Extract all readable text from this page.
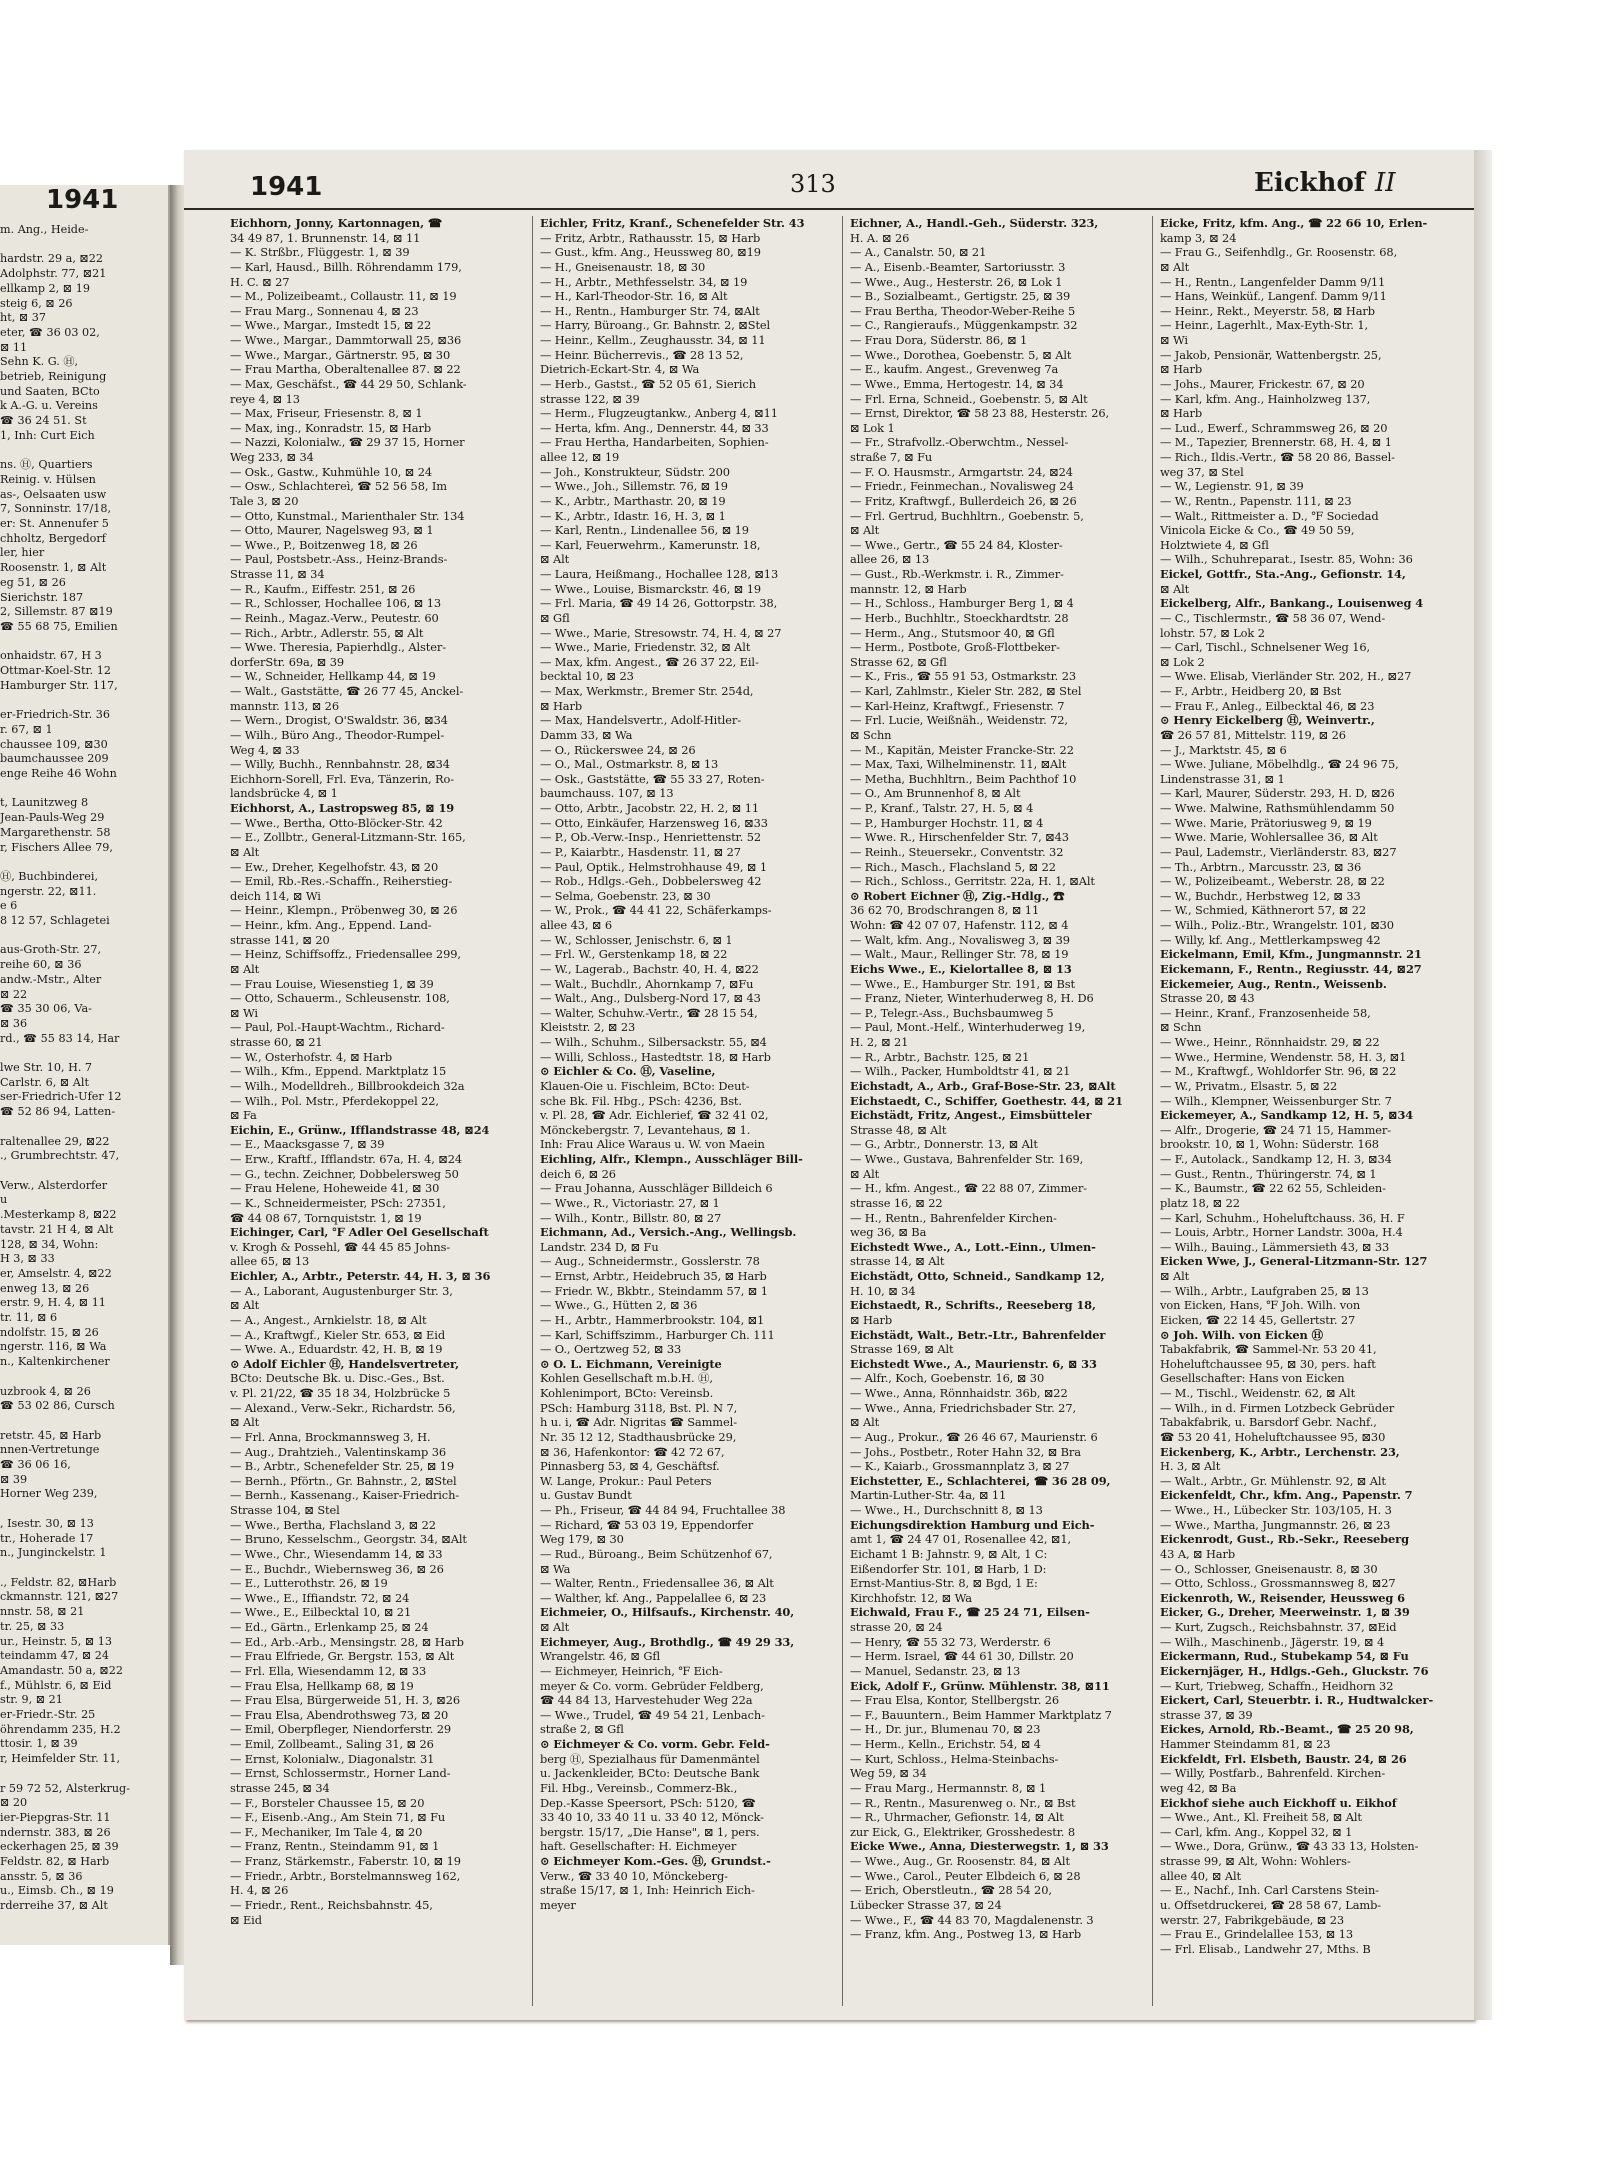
1941
m. Ang., Heide-

hardstr. 29 a, ⊠22
Adolphstr. 77, ⊠21
ellkamp 2, ⊠ 19
steig 6, ⊠ 26
ht, ⊠ 37
eter, ☎ 36 03 02,
⊠ 11
Sehn K. G. Ⓗ,
betrieb, Reinigung
und Saaten, BCto
k A.-G. u. Vereins
☎ 36 24 51. St
1, Inh: Curt Eich

ns. Ⓗ, Quartiers
Reinig. v. Hülsen
as-, Oelsaaten usw
7, Sonninstr. 17/18,
er: St. Annenufer 5
chholtz, Bergedorf
ler, hier
Roosenstr. 1, ⊠ Alt
eg 51, ⊠ 26
Sierichstr. 187
2, Sillemstr. 87 ⊠19
☎ 55 68 75, Emilien

onhaidstr. 67, H 3
Ottmar-Koel-Str. 12
Hamburger Str. 117,

er-Friedrich-Str. 36
r. 67, ⊠ 1
chaussee 109, ⊠30
baumchaussee 209
enge Reihe 46 Wohn

t, Launitzweg 8
Jean-Pauls-Weg 29
Margarethenstr. 58
r, Fischers Allee 79,

Ⓗ, Buchbinderei,
ngerstr. 22, ⊠11.
e 6
8 12 57, Schlagetei

aus-Groth-Str. 27,
reihe 60, ⊠ 36
andw.-Mstr., Alter
⊠ 22
☎ 35 30 06, Va-
⊠ 36
rd., ☎ 55 83 14, Har

lwe Str. 10, H. 7
Carlstr. 6, ⊠ Alt
ser-Friedrich-Ufer 12
☎ 52 86 94, Latten-

raltenallee 29, ⊠22
., Grumbrechtstr. 47,

Verw., Alsterdorfer
u
.Mesterkamp 8, ⊠22
tavstr. 21 H 4, ⊠ Alt
128, ⊠ 34, Wohn:
H 3, ⊠ 33
er, Amselstr. 4, ⊠22
enweg 13, ⊠ 26
erstr. 9, H. 4, ⊠ 11
tr. 11, ⊠ 6
ndolfstr. 15, ⊠ 26
ngerstr. 116, ⊠ Wa
n., Kaltenkirchener

uzbrook 4, ⊠ 26
☎ 53 02 86, Cursch

retstr. 45, ⊠ Harb
nnen-Vertretunge
☎ 36 06 16,
⊠ 39
Horner Weg 239,

, Isestr. 30, ⊠ 13
tr., Hoherade 17
n., Junginckelstr. 1

., Feldstr. 82, ⊠Harb
ckmannstr. 121, ⊠27
nnstr. 58, ⊠ 21
tr. 25, ⊠ 33
ur., Heinstr. 5, ⊠ 13
teindamm 47, ⊠ 24
Amandastr. 50 a, ⊠22
f., Mühlstr. 6, ⊠ Eid
str. 9, ⊠ 21
er-Friedr.-Str. 25
öhrendamm 235, H.2
ttosir. 1, ⊠ 39
r, Heimfelder Str. 11,

r 59 72 52, Alsterkrug-
⊠ 20
ier-Piepgras-Str. 11
ndernstr. 383, ⊠ 26
eckerhagen 25, ⊠ 39
Feldstr. 82, ⊠ Harb
ansstr. 5, ⊠ 36
u., Eimsb. Ch., ⊠ 19
rderreihe 37, ⊠ Alt
1941	313	Eickhof II
Eichhorn, Jonny, Kartonnagen, ☎
34 49 87, 1. Brunnenstr. 14, ⊠ 11
— K. Strßbr., Flüggestr. 1, ⊠ 39
— Karl, Hausd., Billh. Röhrendamm 179,
H. C. ⊠ 27
— M., Polizeibeamt., Collaustr. 11, ⊠ 19
— Frau Marg., Sonnenau 4, ⊠ 23
— Wwe., Margar., Imstedt 15, ⊠ 22
— Wwe., Margar., Dammtorwall 25, ⊠36
— Wwe., Margar., Gärtnerstr. 95, ⊠ 30
— Frau Martha, Oberaltenallee 87. ⊠ 22
— Max, Geschäfst., ☎ 44 29 50, Schlank-
reye 4, ⊠ 13
— Max, Friseur, Friesenstr. 8, ⊠ 1
— Max, ing., Konradstr. 15, ⊠ Harb
— Nazzi, Kolonialw., ☎ 29 37 15, Horner
Weg 233, ⊠ 34
— Osk., Gastw., Kuhmühle 10, ⊠ 24
— Osw., Schlachtereì, ☎ 52 56 58, Im
Tale 3, ⊠ 20
— Otto, Kunstmal., Marienthaler Str. 134
— Otto, Maurer, Nagelsweg 93, ⊠ 1
— Wwe., P., Boitzenweg 18, ⊠ 26
— Paul, Postsbetr.-Ass., Heinz-Brands-
Strasse 11, ⊠ 34
— R., Kaufm., Eiffestr. 251, ⊠ 26
— R., Schlosser, Hochallee 106, ⊠ 13
— Reinh., Magaz.-Verw., Peutestr. 60
— Rich., Arbtr., Adlerstr. 55, ⊠ Alt
— Wwe. Theresia, Papierhdlg., Alster-
dorferStr. 69a, ⊠ 39
— W., Schneider, Hellkamp 44, ⊠ 19
— Walt., Gaststätte, ☎ 26 77 45, Anckel-
mannstr. 113, ⊠ 26
— Wern., Drogist, O'Swaldstr. 36, ⊠34
— Wilh., Büro Ang., Theodor-Rumpel-
Weg 4, ⊠ 33
— Willy, Buchh., Rennbahnstr. 28, ⊠34
Eichhorn-Sorell, Frl. Eva, Tänzerin, Ro-
landsbrücke 4, ⊠ 1
Eichhorst, A., Lastropsweg 85, ⊠ 19
— Wwe., Bertha, Otto-Blöcker-Str. 42
— E., Zollbtr., General-Litzmann-Str. 165,
⊠ Alt
— Ew., Dreher, Kegelhofstr. 43, ⊠ 20
— Emil, Rb.-Res.-Schaffn., Reiherstieg-
deich 114, ⊠ Wi
— Heinr., Klempn., Pröbenweg 30, ⊠ 26
— Heinr., kfm. Ang., Eppend. Land-
strasse 141, ⊠ 20
— Heinz, Schiffsoffz., Friedensallee 299,
⊠ Alt
— Frau Louise, Wiesenstieg 1, ⊠ 39
— Otto, Schauerm., Schleusenstr. 108,
⊠ Wi
— Paul, Pol.-Haupt-Wachtm., Richard-
strasse 60, ⊠ 21
— W., Osterhofstr. 4, ⊠ Harb
— Wilh., Kfm., Eppend. Marktplatz 15
— Wilh., Modelldreh., Billbrookdeich 32a
— Wilh., Pol. Mstr., Pferdekoppel 22,
⊠ Fa
Eichin, E., Grünw., Ifflandstrasse 48, ⊠24
— E., Maacksgasse 7, ⊠ 39
— Erw., Kraftf., Ifflandstr. 67a, H. 4, ⊠24
— G., techn. Zeichner, Dobbelersweg 50
— Frau Helene, Hoheweide 41, ⊠ 30
— K., Schneidermeister, PSch: 27351,
☎ 44 08 67, Tornquiststr. 1, ⊠ 19
Eichinger, Carl, ℉ Adler Oel Gesellschaft
v. Krogh & Possehl, ☎ 44 45 85 Johns-
allee 65, ⊠ 13
Eichler, A., Arbtr., Peterstr. 44, H. 3, ⊠ 36
— A., Laborant, Augustenburger Str. 3,
⊠ Alt
— A., Angest., Arnkielstr. 18, ⊠ Alt
— A., Kraftwgf., Kieler Str. 653, ⊠ Eid
— Wwe. A., Eduardstr. 42, H. B, ⊠ 19
⊙ Adolf Eichler Ⓗ, Handelsvertreter,
BCto: Deutsche Bk. u. Disc.-Ges., Bst.
v. Pl. 21/22, ☎ 35 18 34, Holzbrücke 5
— Alexand., Verw.-Sekr., Richardstr. 56,
⊠ Alt
— Frl. Anna, Brockmannsweg 3, H.
— Aug., Drahtzieh., Valentinskamp 36
— B., Arbtr., Schenefelder Str. 25, ⊠ 19
— Bernh., Pförtn., Gr. Bahnstr., 2, ⊠Stel
— Bernh., Kassenang., Kaiser-Friedrich-
Strasse 104, ⊠ Stel
— Wwe., Bertha, Flachsland 3, ⊠ 22
— Bruno, Kesselschm., Georgstr. 34, ⊠Alt
— Wwe., Chr., Wiesendamm 14, ⊠ 33
— E., Buchdr., Wiebernsweg 36, ⊠ 26
— E., Lutterothstr. 26, ⊠ 19
— Wwe., E., Iffiandstr. 72, ⊠ 24
— Wwe., E., Eilbecktal 10, ⊠ 21
— Ed., Gärtn., Erlenkamp 25, ⊠ 24
— Ed., Arb.-Arb., Mensingstr. 28, ⊠ Harb
— Frau Elfriede, Gr. Bergstr. 153, ⊠ Alt
— Frl. Ella, Wiesendamm 12, ⊠ 33
— Frau Elsa, Hellkamp 68, ⊠ 19
— Frau Elsa, Bürgerweide 51, H. 3, ⊠26
— Frau Elsa, Abendrothsweg 73, ⊠ 20
— Emil, Oberpfleger, Niendorferstr. 29
— Emil, Zollbeamt., Saling 31, ⊠ 26
— Ernst, Kolonialw., Diagonalstr. 31
— Ernst, Schlossermstr., Horner Land-
strasse 245, ⊠ 34
— F., Borsteler Chaussee 15, ⊠ 20
— F., Eisenb.-Ang., Am Stein 71, ⊠ Fu
— F., Mechaniker, Im Tale 4, ⊠ 20
— Franz, Rentn., Steindamm 91, ⊠ 1
— Franz, Stärkemstr., Faberstr. 10, ⊠ 19
— Friedr., Arbtr., Borstelmannsweg 162,
H. 4, ⊠ 26
— Friedr., Rent., Reichsbahnstr. 45,
⊠ Eid
Eichler, Fritz, Kranf., Schenefelder Str. 43
— Fritz, Arbtr., Rathausstr. 15, ⊠ Harb
— Gust., kfm. Ang., Heussweg 80, ⊠19
— H., Gneisenaustr. 18, ⊠ 30
— H., Arbtr., Methfesselstr. 34, ⊠ 19
— H., Karl-Theodor-Str. 16, ⊠ Alt
— H., Rentn., Hamburger Str. 74, ⊠Alt
— Harry, Büroang., Gr. Bahnstr. 2, ⊠Stel
— Heinr., Kellm., Zeughausstr. 34, ⊠ 11
— Heinr. Bücherrevis., ☎ 28 13 52,
Dietrich-Eckart-Str. 4, ⊠ Wa
— Herb., Gastst., ☎ 52 05 61, Sierich
strasse 122, ⊠ 39
— Herm., Flugzeugtankw., Anberg 4, ⊠11
— Herta, kfm. Ang., Dennerstr. 44, ⊠ 33
— Frau Hertha, Handarbeiten, Sophien-
allee 12, ⊠ 19
— Joh., Konstrukteur, Südstr. 200
— Wwe., Joh., Sillemstr. 76, ⊠ 19
— K., Arbtr., Marthastr. 20, ⊠ 19
— K., Arbtr., Idastr. 16, H. 3, ⊠ 1
— Karl, Rentn., Lindenallee 56, ⊠ 19
— Karl, Feuerwehrm., Kamerunstr. 18,
⊠ Alt
— Laura, Heißmang., Hochallee 128, ⊠13
— Wwe., Louise, Bismarckstr. 46, ⊠ 19
— Frl. Maria, ☎ 49 14 26, Gottorpstr. 38,
⊠ Gfl
— Wwe., Marie, Stresowstr. 74, H. 4, ⊠ 27
— Wwe., Marie, Friedenstr. 32, ⊠ Alt
— Max, kfm. Angest., ☎ 26 37 22, Eil-
becktal 10, ⊠ 23
— Max, Werkmstr., Bremer Str. 254d,
⊠ Harb
— Max, Handelsvertr., Adolf-Hitler-
Damm 33, ⊠ Wa
— O., Rückerswee 24, ⊠ 26
— O., Mal., Ostmarkstr. 8, ⊠ 13
— Osk., Gaststätte, ☎ 55 33 27, Roten-
baumchauss. 107, ⊠ 13
— Otto, Arbtr., Jacobstr. 22, H. 2, ⊠ 11
— Otto, Einkäufer, Harzensweg 16, ⊠33
— P., Ob.-Verw.-Insp., Henriettenstr. 52
— P., Kaiarbtr., Hasdenstr. 11, ⊠ 27
— Paul, Optik., Helmstrohhause 49, ⊠ 1
— Rob., Hdlgs.-Geh., Dobbelersweg 42
— Selma, Goebenstr. 23, ⊠ 30
— W., Prok., ☎ 44 41 22, Schäferkamps-
allee 43, ⊠ 6
— W., Schlosser, Jenischstr. 6, ⊠ 1
— Frl. W., Gerstenkamp 18, ⊠ 22
— W., Lagerab., Bachstr. 40, H. 4, ⊠22
— Walt., Buchdlr., Ahornkamp 7, ⊠Fu
— Walt., Ang., Dulsberg-Nord 17, ⊠ 43
— Walter, Schuhw.-Vertr., ☎ 28 15 54,
Kleiststr. 2, ⊠ 23
— Wilh., Schuhm., Silbersackstr. 55, ⊠4
— Willi, Schloss., Hastedtstr. 18, ⊠ Harb
⊙ Eichler & Co. Ⓗ, Vaseline,
Klauen-Oie u. Fischleim, BCto: Deut-
sche Bk. Fil. Hbg., PSch: 4236, Bst.
v. Pl. 28, ☎ Adr. Eichlerief, ☎ 32 41 02,
Mönckebergstr. 7, Levantehaus, ⊠ 1.
Inh: Frau Alice Waraus u. W. von Maein
Eichling, Alfr., Klempn., Ausschläger Bill-
deich 6, ⊠ 26
— Frau Johanna, Ausschläger Billdeich 6
— Wwe., R., Victoriastr. 27, ⊠ 1
— Wilh., Kontr., Billstr. 80, ⊠ 27
Eichmann, Ad., Versich.-Ang., Wellingsb.
Landstr. 234 D, ⊠ Fu
— Aug., Schneidermstr., Gosslerstr. 78
— Ernst, Arbtr., Heidebruch 35, ⊠ Harb
— Friedr. W., Bkbtr., Steindamm 57, ⊠ 1
— Wwe., G., Hütten 2, ⊠ 36
— H., Arbtr., Hammerbrookstr. 104, ⊠1
— Karl, Schiffszimm., Harburger Ch. 111
— O., Oertzweg 52, ⊠ 33
⊙ O. L. Eichmann, Vereinigte
Kohlen Gesellschaft m.b.H. Ⓗ,
Kohlenimport, BCto: Vereinsb.
PSch: Hamburg 3118, Bst. Pl. N 7,
h u. i, ☎ Adr. Nigritas ☎ Sammel-
Nr. 35 12 12, Stadthausbrücke 29,
⊠ 36, Hafenkontor: ☎ 42 72 67,
Pinnasberg 53, ⊠ 4, Geschäftsf.
W. Lange, Prokur.: Paul Peters
u. Gustav Bundt
— Ph., Friseur, ☎ 44 84 94, Fruchtallee 38
— Richard, ☎ 53 03 19, Eppendorfer
Weg 179, ⊠ 30
— Rud., Büroang., Beim Schützenhof 67,
⊠ Wa
— Walter, Rentn., Friedensallee 36, ⊠ Alt
— Walther, kf. Ang., Pappelallee 6, ⊠ 23
Eichmeier, O., Hilfsaufs., Kirchenstr. 40,
⊠ Alt
Eichmeyer, Aug., Brothdlg., ☎ 49 29 33,
Wrangelstr. 46, ⊠ Gfl
— Eichmeyer, Heinrich, ℉ Eich-
meyer & Co. vorm. Gebrüder Feldberg,
☎ 44 84 13, Harvestehuder Weg 22a
— Wwe., Trudel, ☎ 49 54 21, Lenbach-
straße 2, ⊠ Gfl
⊙ Eichmeyer & Co. vorm. Gebr. Feld-
berg Ⓗ, Spezialhaus für Damenmäntel
u. Jackenkleider, BCto: Deutsche Bank
Fil. Hbg., Vereinsb., Commerz-Bk.,
Dep.-Kasse Speersort, PSch: 5120, ☎
33 40 10, 33 40 11 u. 33 40 12, Mönck-
bergstr. 15/17, „Die Hanse", ⊠ 1, pers.
haft. Gesellschafter: H. Eichmeyer
⊙ Eichmeyer Kom.-Ges. Ⓗ, Grundst.-
Verw., ☎ 33 40 10, Mönckeberg-
straße 15/17, ⊠ 1, Inh: Heinrich Eich-
meyer
Eichner, A., Handl.-Geh., Süderstr. 323,
H. A. ⊠ 26
— A., Canalstr. 50, ⊠ 21
— A., Eisenb.-Beamter, Sartoriusstr. 3
— Wwe., Aug., Hesterstr. 26, ⊠ Lok 1
— B., Sozialbeamt., Gertigstr. 25, ⊠ 39
— Frau Bertha, Theodor-Weber-Reihe 5
— C., Rangieraufs., Müggenkampstr. 32
— Frau Dora, Süderstr. 86, ⊠ 1
— Wwe., Dorothea, Goebenstr. 5, ⊠ Alt
— E., kaufm. Angest., Grevenweg 7a
— Wwe., Emma, Hertogestr. 14, ⊠ 34
— Frl. Erna, Schneid., Goebenstr. 5, ⊠ Alt
— Ernst, Direktor, ☎ 58 23 88, Hesterstr. 26,
⊠ Lok 1
— Fr., Strafvollz.-Oberwchtm., Nessel-
straße 7, ⊠ Fu
— F. O. Hausmstr., Armgartstr. 24, ⊠24
— Friedr., Feinmechan., Novalisweg 24
— Fritz, Kraftwgf., Bullerdeich 26, ⊠ 26
— Frl. Gertrud, Buchhltrn., Goebenstr. 5,
⊠ Alt
— Wwe., Gertr., ☎ 55 24 84, Kloster-
allee 26, ⊠ 13
— Gust., Rb.-Werkmstr. i. R., Zimmer-
mannstr. 12, ⊠ Harb
— H., Schloss., Hamburger Berg 1, ⊠ 4
— Herb., Buchhltr., Stoeckhardtstr. 28
— Herm., Ang., Stutsmoor 40, ⊠ Gfl
— Herm., Postbote, Groß-Flottbeker-
Strasse 62, ⊠ Gfl
— K., Fris., ☎ 55 91 53, Ostmarkstr. 23
— Karl, Zahlmstr., Kieler Str. 282, ⊠ Stel
— Karl-Heinz, Kraftwgf., Friesenstr. 7
— Frl. Lucie, Weißnäh., Weidenstr. 72,
⊠ Schn
— M., Kapitän, Meister Francke-Str. 22
— Max, Taxi, Wilhelminenstr. 11, ⊠Alt
— Metha, Buchhltrn., Beim Pachthof 10
— O., Am Brunnenhof 8, ⊠ Alt
— P., Kranf., Talstr. 27, H. 5, ⊠ 4
— P., Hamburger Hochstr. 11, ⊠ 4
— Wwe. R., Hirschenfelder Str. 7, ⊠43
— Reinh., Steuersekr., Conventstr. 32
— Rich., Masch., Flachsland 5, ⊠ 22
— Rich., Schloss., Gerritstr. 22a, H. 1, ⊠Alt
⊙ Robert Eichner Ⓗ, Zig.-Hdlg., ☎
36 62 70, Brodschrangen 8, ⊠ 11
Wohn: ☎ 42 07 07, Hafenstr. 112, ⊠ 4
— Walt, kfm. Ang., Novalisweg 3, ⊠ 39
— Walt., Maur., Rellinger Str. 78, ⊠ 19
Eichs Wwe., E., Kielortallee 8, ⊠ 13
— Wwe., E., Hamburger Str. 191, ⊠ Bst
— Franz, Nieter, Winterhuderweg 8, H. D6
— P., Telegr.-Ass., Buchsbaumweg 5
— Paul, Mont.-Helf., Winterhuderweg 19,
H. 2, ⊠ 21
— R., Arbtr., Bachstr. 125, ⊠ 21
— Wilh., Packer, Humboldtstr 41, ⊠ 21
Eichstadt, A., Arb., Graf-Bose-Str. 23, ⊠Alt
Eichstaedt, C., Schiffer, Goethestr. 44, ⊠ 21
Eichstädt, Fritz, Angest., Eimsbütteler
Strasse 48, ⊠ Alt
— G., Arbtr., Donnerstr. 13, ⊠ Alt
— Wwe., Gustava, Bahrenfelder Str. 169,
⊠ Alt
— H., kfm. Angest., ☎ 22 88 07, Zimmer-
strasse 16, ⊠ 22
— H., Rentn., Bahrenfelder Kirchen-
weg 36, ⊠ Ba
Eichstedt Wwe., A., Lott.-Einn., Ulmen-
strasse 14, ⊠ Alt
Eichstädt, Otto, Schneid., Sandkamp 12,
H. 10, ⊠ 34
Eichstaedt, R., Schrifts., Reeseberg 18,
⊠ Harb
Eichstädt, Walt., Betr.-Ltr., Bahrenfelder
Strasse 169, ⊠ Alt
Eichstedt Wwe., A., Maurienstr. 6, ⊠ 33
— Alfr., Koch, Goebenstr. 16, ⊠ 30
— Wwe., Anna, Rönnhaidstr. 36b, ⊠22
— Wwe., Anna, Friedrichsbader Str. 27,
⊠ Alt
— Aug., Prokur., ☎ 26 46 67, Maurienstr. 6
— Johs., Postbetr., Roter Hahn 32, ⊠ Bra
— K., Kaiarb., Grossmannplatz 3, ⊠ 27
Eichstetter, E., Schlachterei, ☎ 36 28 09,
Martin-Luther-Str. 4a, ⊠ 11
— Wwe., H., Durchschnitt 8, ⊠ 13
Eichungsdirektion Hamburg und Eich-
amt 1, ☎ 24 47 01, Rosenallee 42, ⊠1,
Eichamt 1 B: Jahnstr. 9, ⊠ Alt, 1 C:
Eißendorfer Str. 101, ⊠ Harb, 1 D:
Ernst-Mantius-Str. 8, ⊠ Bgd, 1 E:
Kirchhofstr. 12, ⊠ Wa
Eichwald, Frau F., ☎ 25 24 71, Eilsen-
strasse 20, ⊠ 24
— Henry, ☎ 55 32 73, Werderstr. 6
— Herm. Israel, ☎ 44 61 30, Dillstr. 20
— Manuel, Sedanstr. 23, ⊠ 13
Eick, Adolf F., Grünw. Mühlenstr. 38, ⊠11
— Frau Elsa, Kontor, Stellbergstr. 26
— F., Bauuntern., Beim Hammer Marktplatz 7
— H., Dr. jur., Blumenau 70, ⊠ 23
— Herm., Kelln., Erichstr. 54, ⊠ 4
— Kurt, Schloss., Helma-Steinbachs-
Weg 59, ⊠ 34
— Frau Marg., Hermannstr. 8, ⊠ 1
— R., Rentn., Masurenweg o. Nr., ⊠ Bst
— R., Uhrmacher, Gefionstr. 14, ⊠ Alt
zur Eick, G., Elektriker, Grosshedestr. 8
Eicke Wwe., Anna, Diesterwegstr. 1, ⊠ 33
— Wwe., Aug., Gr. Roosenstr. 84, ⊠ Alt
— Wwe., Carol., Peuter Elbdeich 6, ⊠ 28
— Erich, Oberstleutn., ☎ 28 54 20,
Lübecker Strasse 37, ⊠ 24
— Wwe., F., ☎ 44 83 70, Magdalenenstr. 3
— Franz, kfm. Ang., Postweg 13, ⊠ Harb
Eicke, Fritz, kfm. Ang., ☎ 22 66 10, Erlen-
kamp 3, ⊠ 24
— Frau G., Seifenhdlg., Gr. Roosenstr. 68,
⊠ Alt
— H., Rentn., Langenfelder Damm 9/11
— Hans, Weinküf., Langenf. Damm 9/11
— Heinr., Rekt., Meyerstr. 58, ⊠ Harb
— Heinr., Lagerhlt., Max-Eyth-Str. 1,
⊠ Wi
— Jakob, Pensionär, Wattenbergstr. 25,
⊠ Harb
— Johs., Maurer, Frickestr. 67, ⊠ 20
— Karl, kfm. Ang., Hainholzweg 137,
⊠ Harb
— Lud., Ewerf., Schrammsweg 26, ⊠ 20
— M., Tapezier, Brennerstr. 68, H. 4, ⊠ 1
— Rich., Ildis.-Vertr., ☎ 58 20 86, Bassel-
weg 37, ⊠ Stel
— W., Legienstr. 91, ⊠ 39
— W., Rentn., Papenstr. 111, ⊠ 23
— Walt., Rittmeister a. D., ℉ Sociedad
Vinicola Eicke & Co., ☎ 49 50 59,
Holztwiete 4, ⊠ Gfl
— Wilh., Schuhreparat., Isestr. 85, Wohn: 36
Eickel, Gottfr., Sta.-Ang., Gefionstr. 14,
⊠ Alt
Eickelberg, Alfr., Bankang., Louisenweg 4
— C., Tischlermstr., ☎ 58 36 07, Wend-
lohstr. 57, ⊠ Lok 2
— Carl, Tischl., Schnelsener Weg 16,
⊠ Lok 2
— Wwe. Elisab, Vierländer Str. 202, H., ⊠27
— F., Arbtr., Heidberg 20, ⊠ Bst
— Frau F., Anleg., Eilbecktal 46, ⊠ 23
⊙ Henry Eickelberg Ⓗ, Weinvertr.,
☎ 26 57 81, Mittelstr. 119, ⊠ 26
— J., Marktstr. 45, ⊠ 6
— Wwe. Juliane, Möbelhdlg., ☎ 24 96 75,
Lindenstrasse 31, ⊠ 1
— Karl, Maurer, Süderstr. 293, H. D, ⊠26
— Wwe. Malwine, Rathsmühlendamm 50
— Wwe. Marie, Prätoriusweg 9, ⊠ 19
— Wwe. Marie, Wohlersallee 36, ⊠ Alt
— Paul, Lademstr., Vierländerstr. 83, ⊠27
— Th., Arbtrn., Marcusstr. 23, ⊠ 36
— W., Polizeibeamt., Weberstr. 28, ⊠ 22
— W., Buchdr., Herbstweg 12, ⊠ 33
— W., Schmied, Käthnerort 57, ⊠ 22
— Wilh., Poliz.-Btr., Wrangelstr. 101, ⊠30
— Willy, kf. Ang., Mettlerkampsweg 42
Eickelmann, Emil, Kfm., Jungmannstr. 21
Eickemann, F., Rentn., Regiusstr. 44, ⊠27
Eickemeier, Aug., Rentn., Weissenb.
Strasse 20, ⊠ 43
— Heinr., Kranf., Franzosenheide 58,
⊠ Schn
— Wwe., Heinr., Rönnhaidstr. 29, ⊠ 22
— Wwe., Hermine, Wendenstr. 58, H. 3, ⊠1
— M., Kraftwgf., Wohldorfer Str. 96, ⊠ 22
— W., Privatm., Elsastr. 5, ⊠ 22
— Wilh., Klempner, Weissenburger Str. 7
Eickemeyer, A., Sandkamp 12, H. 5, ⊠34
— Alfr., Drogerie, ☎ 24 71 15, Hammer-
brookstr. 10, ⊠ 1, Wohn: Süderstr. 168
— F., Autolack., Sandkamp 12, H. 3, ⊠34
— Gust., Rentn., Thüringerstr. 74, ⊠ 1
— K., Baumstr., ☎ 22 62 55, Schleiden-
platz 18, ⊠ 22
— Karl, Schuhm., Hoheluftchauss. 36, H. F
— Louis, Arbtr., Horner Landstr. 300a, H.4
— Wilh., Bauing., Lämmersieth 43, ⊠ 33
Eicken Wwe, J., General-Litzmann-Str. 127
⊠ Alt
— Wilh., Arbtr., Laufgraben 25, ⊠ 13
von Eicken, Hans, ℉ Joh. Wilh. von
Eicken, ☎ 22 14 45, Gellertstr. 27
⊙ Joh. Wilh. von Eicken Ⓗ
Tabakfabrik, ☎ Sammel-Nr. 53 20 41,
Hoheluftchaussee 95, ⊠ 30, pers. haft
Gesellschafter: Hans von Eicken
— M., Tischl., Weidenstr. 62, ⊠ Alt
— Wilh., in d. Firmen Lotzbeck Gebrüder
Tabakfabrik, u. Barsdorf Gebr. Nachf.,
☎ 53 20 41, Hoheluftchaussee 95, ⊠30
Eickenberg, K., Arbtr., Lerchenstr. 23,
H. 3, ⊠ Alt
— Walt., Arbtr., Gr. Mühlenstr. 92, ⊠ Alt
Eickenfeldt, Chr., kfm. Ang., Papenstr. 7
— Wwe., H., Lübecker Str. 103/105, H. 3
— Wwe., Martha, Jungmannstr. 26, ⊠ 23
Eickenrodt, Gust., Rb.-Sekr., Reeseberg
43 A, ⊠ Harb
— O., Schlosser, Gneisenaustr. 8, ⊠ 30
— Otto, Schloss., Grossmannsweg 8, ⊠27
Eickenroth, W., Reisender, Heussweg 6
Eicker, G., Dreher, Meerweinstr. 1, ⊠ 39
— Kurt, Zugsch., Reichsbahnstr. 37, ⊠Eid
— Wilh., Maschinenb., Jägerstr. 19, ⊠ 4
Eickermann, Rud., Stubekamp 54, ⊠ Fu
Eickernjäger, H., Hdlgs.-Geh., Gluckstr. 76
— Kurt, Triebweg, Schaffn., Heidhorn 32
Eickert, Carl, Steuerbtr. i. R., Hudtwalcker-
strasse 37, ⊠ 39
Eickes, Arnold, Rb.-Beamt., ☎ 25 20 98,
Hammer Steindamm 81, ⊠ 23
Eickfeldt, Frl. Elsbeth, Baustr. 24, ⊠ 26
— Willy, Postfarb., Bahrenfeld. Kirchen-
weg 42, ⊠ Ba
Eickhof siehe auch Eickhoff u. Eikhof
— Wwe., Ant., Kl. Freiheit 58, ⊠ Alt
— Carl, kfm. Ang., Koppel 32, ⊠ 1
— Wwe., Dora, Grünw., ☎ 43 33 13, Holsten-
strasse 99, ⊠ Alt, Wohn: Wohlers-
allee 40, ⊠ Alt
— E., Nachf., Inh. Carl Carstens Stein-
u. Offsetdruckerei, ☎ 28 58 67, Lamb-
werstr. 27, Fabrikgebäude, ⊠ 23
— Frau E., Grindelallee 153, ⊠ 13
— Frl. Elisab., Landwehr 27, Mths. B
